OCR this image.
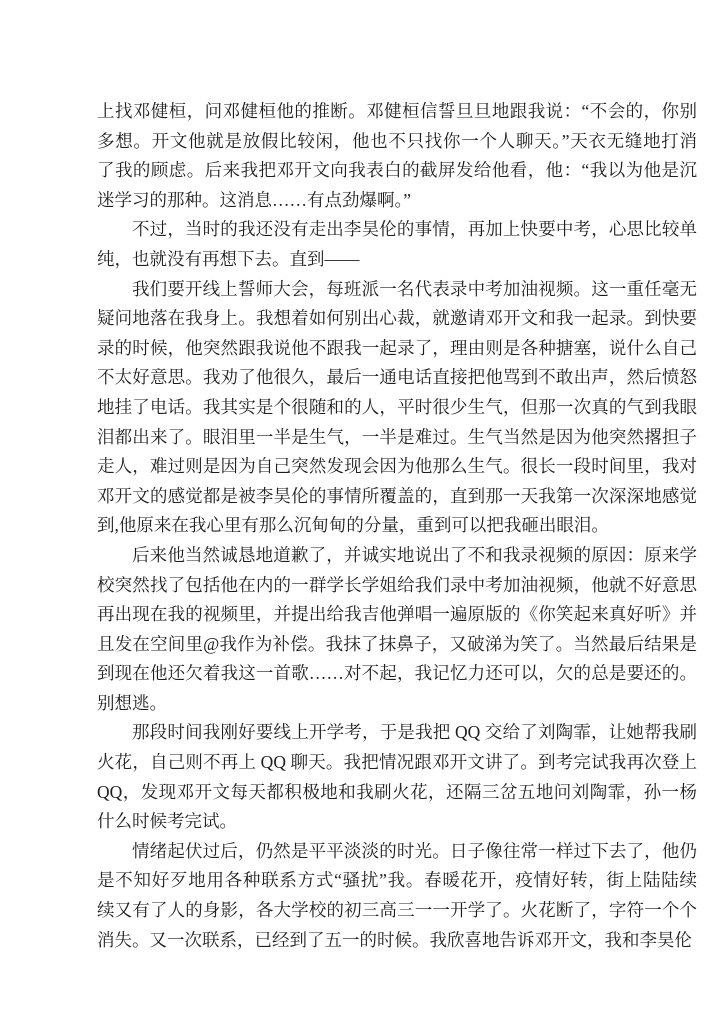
上找邓健桓，问邓健桓他的推断。邓健桓信誓旦旦地跟我说：“不会的，你别
多想。开文他就是放假比较闲，他也不只找你一个人聊天。”天衣无缝地打消
了我的顾虑。后来我把邓开文向我表白的截屏发给他看，他：“我以为他是沉
迷学习的那种。这消息……有点劲爆啊。”
不过，当时的我还没有走出李昊伦的事情，再加上快要中考，心思比较单
纯，也就没有再想下去。直到——
我们要开线上誓师大会，每班派一名代表录中考加油视频。这一重任毫无
疑问地落在我身上。我想着如何别出心裁，就邀请邓开文和我一起录。到快要
录的时候，他突然跟我说他不跟我一起录了，理由则是各种搪塞，说什么自己
不太好意思。我劝了他很久，最后一通电话直接把他骂到不敢出声，然后愤怒
地挂了电话。我其实是个很随和的人，平时很少生气，但那一次真的气到我眼
泪都出来了。眼泪里一半是生气，一半是难过。生气当然是因为他突然撂担子
走人，难过则是因为自己突然发现会因为他那么生气。很长一段时间里，我对
邓开文的感觉都是被李昊伦的事情所覆盖的，直到那一天我第一次深深地感觉
到,他原来在我心里有那么沉甸甸的分量，重到可以把我砸出眼泪。
后来他当然诚恳地道歉了，并诚实地说出了不和我录视频的原因：原来学
校突然找了包括他在内的一群学长学姐给我们录中考加油视频，他就不好意思
再出现在我的视频里，并提出给我吉他弹唱一遍原版的《你笑起来真好听》并
且发在空间里@我作为补偿。我抹了抹鼻子，又破涕为笑了。当然最后结果是
到现在他还欠着我这一首歌……对不起，我记忆力还可以，欠的总是要还的。
别想逃。
那段时间我刚好要线上开学考，于是我把 QQ 交给了刘陶霏，让她帮我刷
火花，自己则不再上 QQ 聊天。我把情况跟邓开文讲了。到考完试我再次登上
QQ，发现邓开文每天都积极地和我刷火花，还隔三岔五地问刘陶霏，孙一杨
什么时候考完试。
情绪起伏过后，仍然是平平淡淡的时光。日子像往常一样过下去了，他仍
是不知好歹地用各种联系方式“骚扰”我。春暖花开，疫情好转，街上陆陆续
续又有了人的身影，各大学校的初三高三一一开学了。火花断了，字符一个个
消失。又一次联系，已经到了五一的时候。我欣喜地告诉邓开文，我和李昊伦
